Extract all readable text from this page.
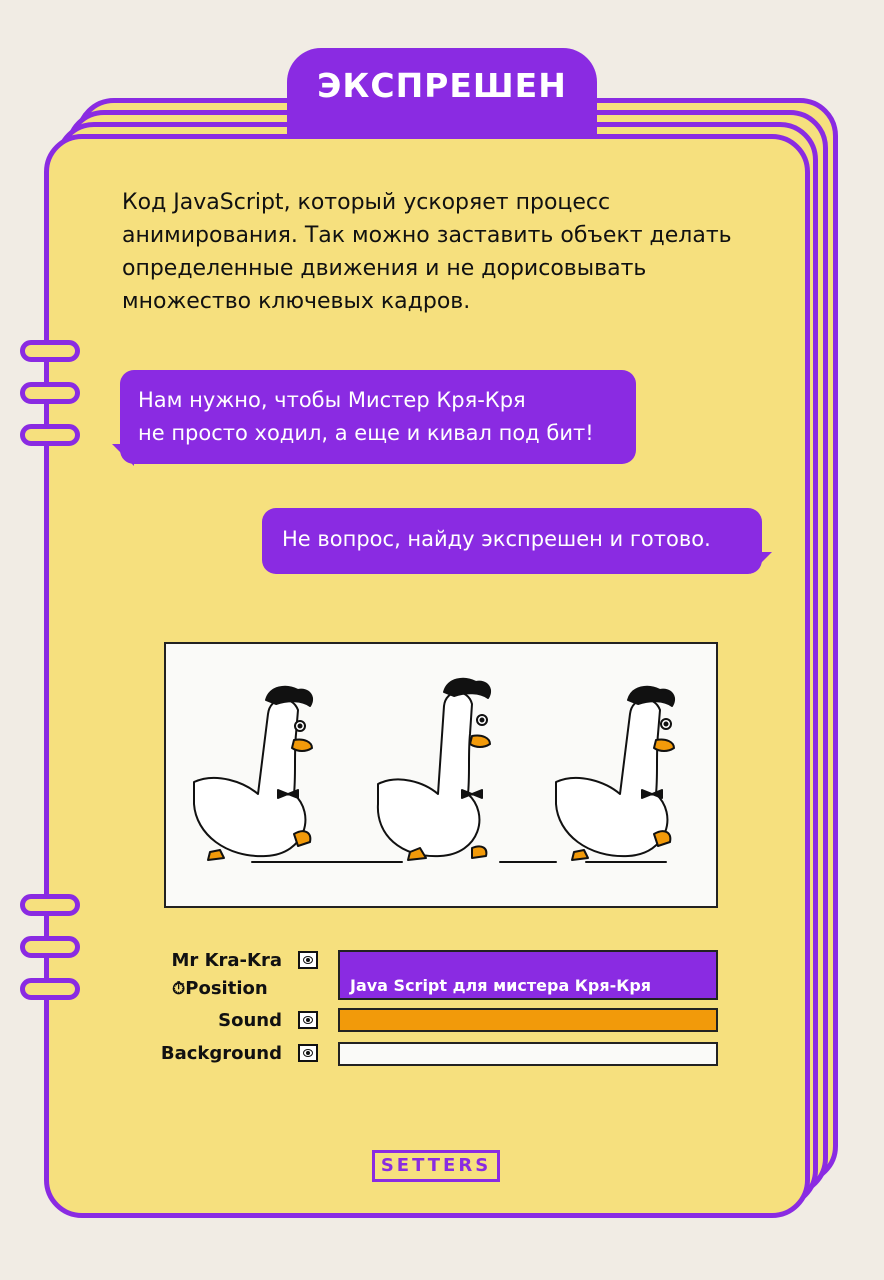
ЭКСПРЕШЕН
Код JavaScript, который ускоряет процесс
анимирования. Так можно заставить объект делать
определенные движения и не дорисовывать
множество ключевых кадров.
Нам нужно, чтобы Мистер Кря-Кря
не просто ходил, а еще и кивал под бит!
Не вопрос, найду экспрешен и готово.
Mr Kra-Kra
⏱Position
Sound
Background
Java Script для мистера Кря-Кря
SETTERS
